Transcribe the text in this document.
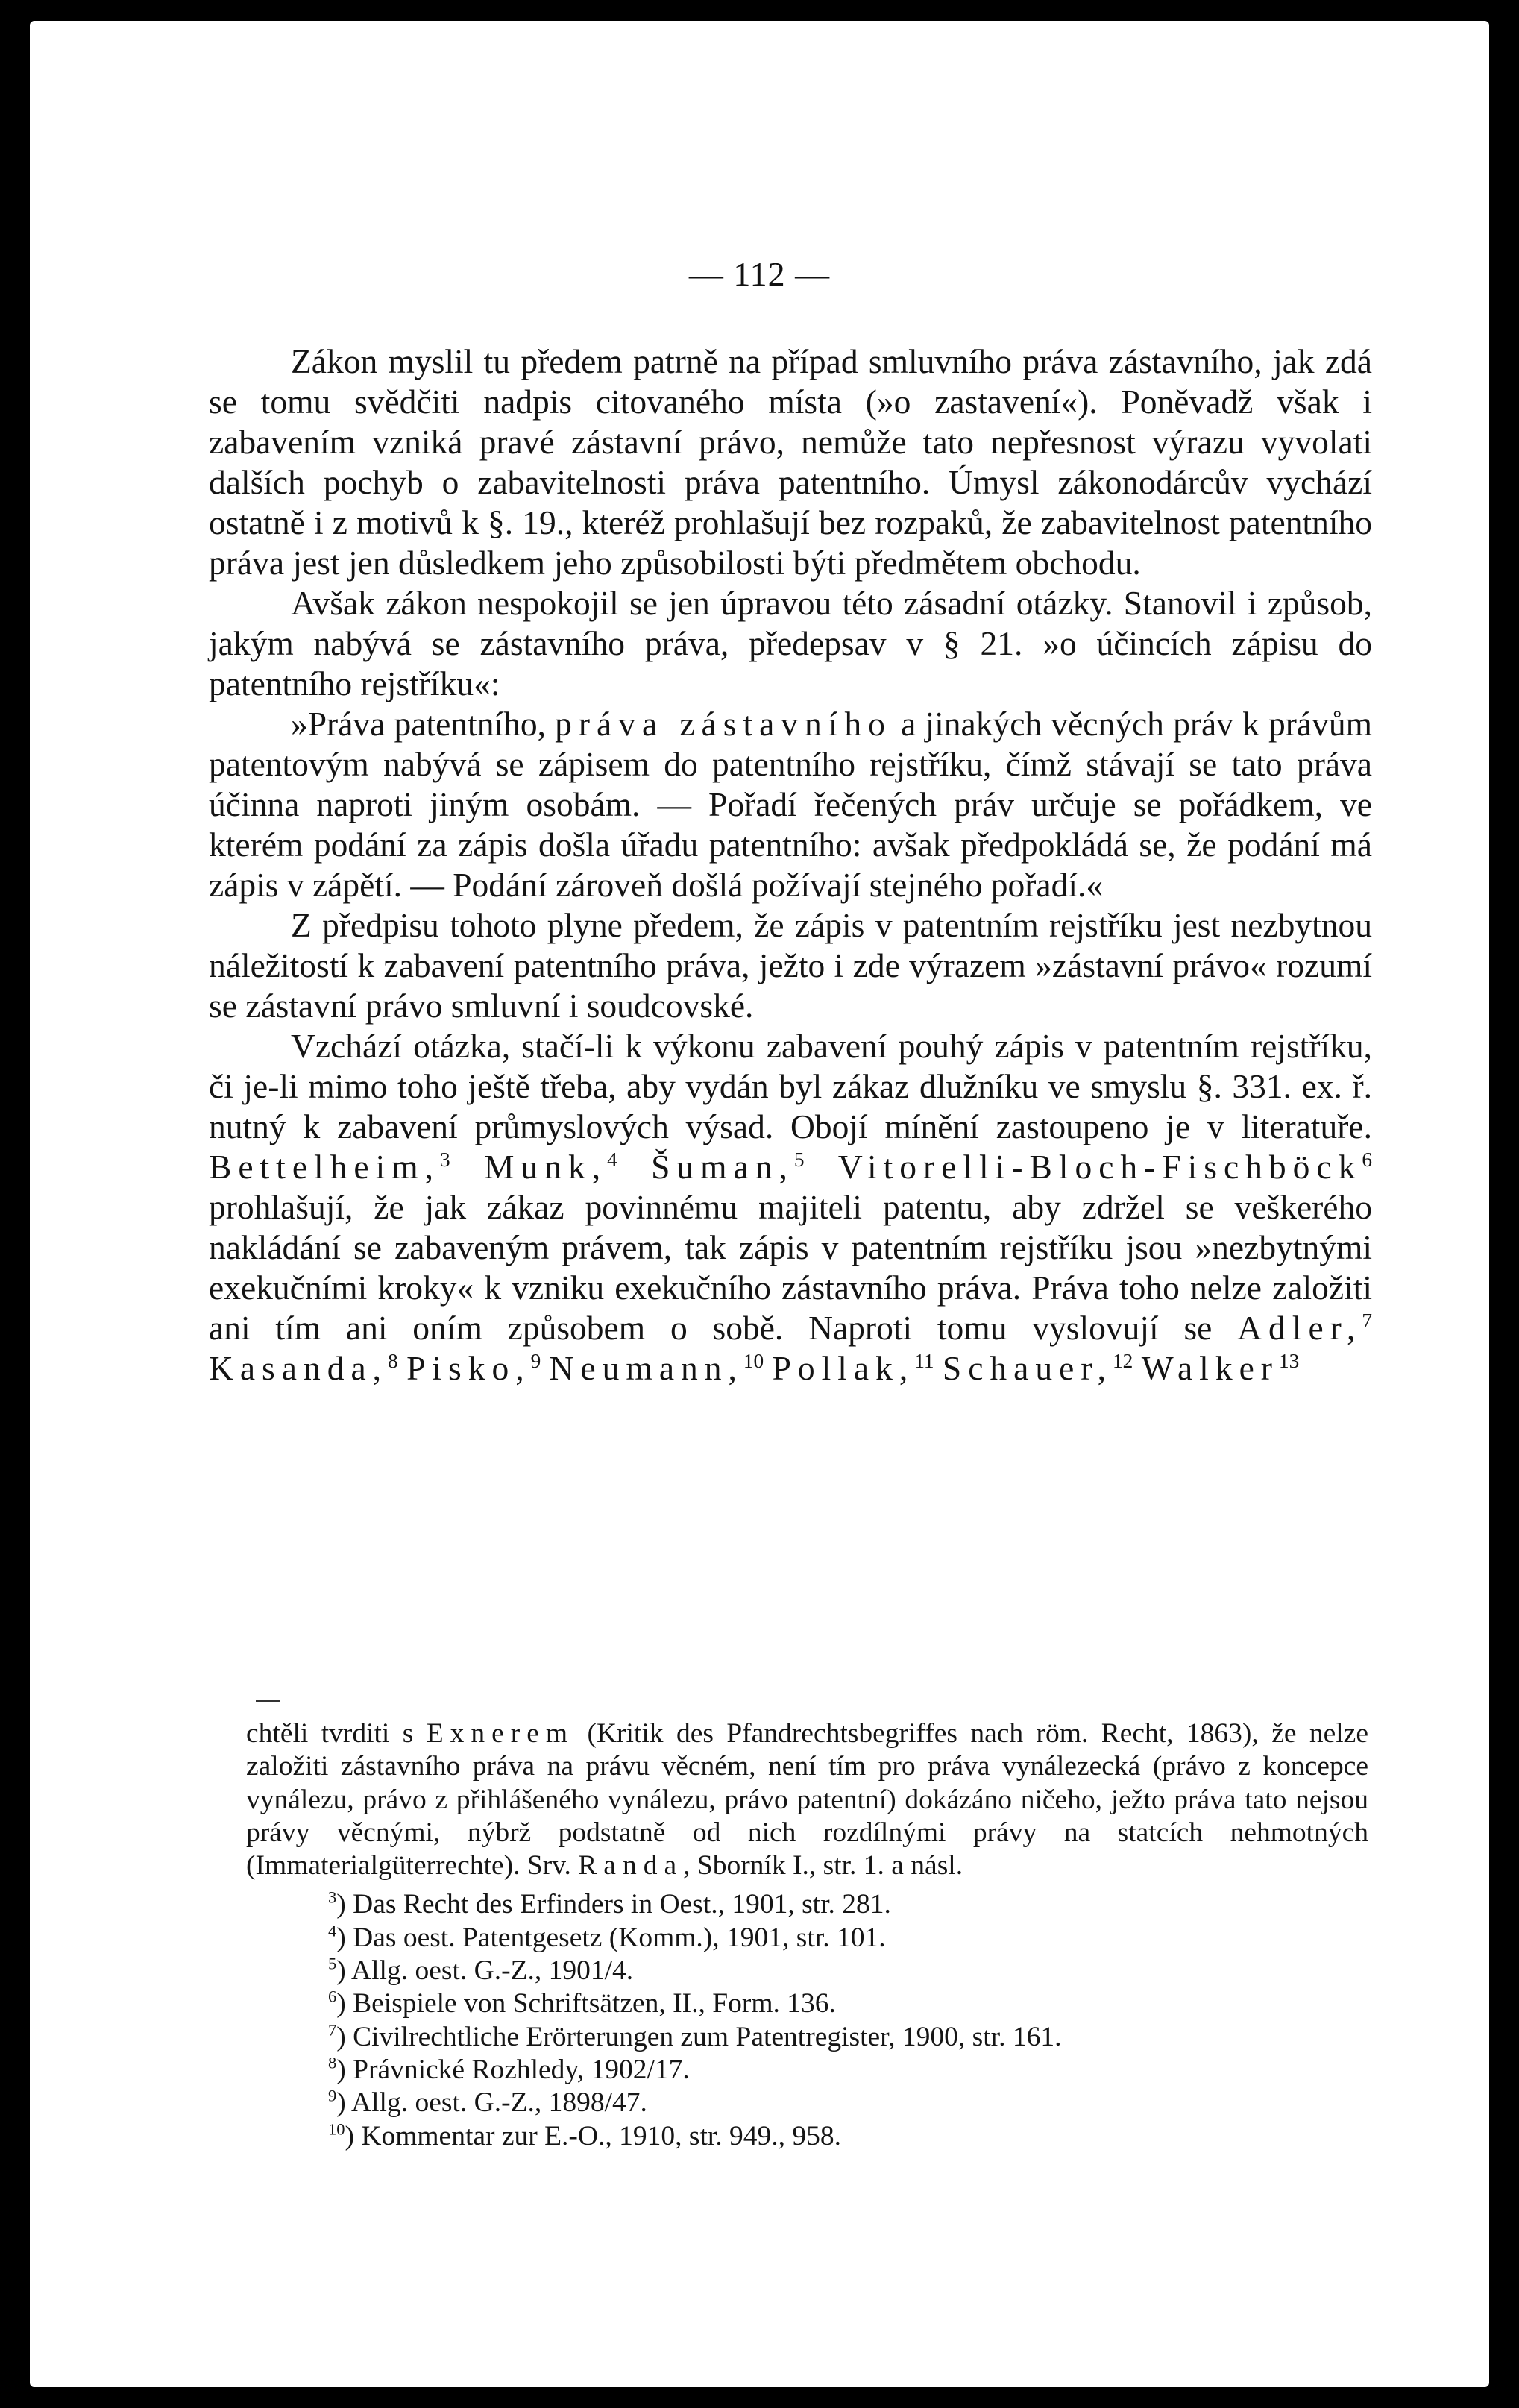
— 112 —

Zákon myslil tu předem patrně na případ smluvního práva zástavního, jak zdá se tomu svědčiti nadpis citovaného místa (»o zastavení«). Poněvadž však i zabavením vzniká pravé zástavní právo, nemůže tato nepřesnost výrazu vyvolati dalších pochyb o zabavitelnosti práva patentního. Úmysl zákonodárcův vychází ostatně i z motivů k §. 19., kteréž prohlašují bez rozpaků, že zabavitelnost patentního práva jest jen důsledkem jeho způsobilosti býti předmětem obchodu.

Avšak zákon nespokojil se jen úpravou této zásadní otázky. Stanovil i způsob, jakým nabývá se zástavního práva, předepsav v § 21. »o účincích zápisu do patentního rejstříku«:

»Práva patentního, práva zástavního a jinakých věcných práv k právům patentovým nabývá se zápisem do patentního rejstříku, čímž stávají se tato práva účinna naproti jiným osobám. — Pořadí řečených práv určuje se pořádkem, ve kterém podání za zápis došla úřadu patentního: avšak předpokládá se, že podání má zápis v zápětí. — Podání zároveň došlá požívají stejného pořadí.«

Z předpisu tohoto plyne předem, že zápis v patentním rejstříku jest nezbytnou náležitostí k zabavení patentního práva, ježto i zde výrazem »zástavní právo« rozumí se zástavní právo smluvní i soudcovské.

Vzchází otázka, stačí-li k výkonu zabavení pouhý zápis v patentním rejstříku, či je-li mimo toho ještě třeba, aby vydán byl zákaz dlužníku ve smyslu §. 331. ex. ř. nutný k zabavení průmyslových výsad. Obojí mínění zastoupeno je v literatuře. Bettelheim,$^3$ Munk,$^4$ Šuman,$^5$ Vitorelli-Bloch-Fischböck$^6$ prohlašují, že jak zákaz povinnému majiteli patentu, aby zdržel se veškerého nakládání se zabaveným právem, tak zápis v patentním rejstříku jsou »nezbytnými exekučními kroky« k vzniku exekučního zástavního práva. Práva toho nelze založiti ani tím ani oním způsobem o sobě. Naproti tomu vyslovují se Adler,$^7$ Kasanda,$^8$ Pisko,$^9$ Neumann,$^{10}$ Pollak,$^{11}$ Schauer,$^{12}$ Walker$^{13}$

chtěli tvrditi s Exnerem (Kritik des Pfandrechtsbegriffes nach röm. Recht, 1863), že nelze založiti zástavního práva na právu věcném, není tím pro práva vynálezecká (právo z koncepce vynálezu, právo z přihlášeného vynálezu, právo patentní) dokázáno ničeho, ježto práva tato nejsou právy věcnými, nýbrž podstatně od nich rozdílnými právy na statcích nehmotných (Immaterialgüterrechte). Srv. Randa, Sborník I., str. 1. a násl.

$^3$) Das Recht des Erfinders in Oest., 1901, str. 281.

$^4$) Das oest. Patentgesetz (Komm.), 1901, str. 101.

$^5$) Allg. oest. G.-Z., 1901/4.

$^6$) Beispiele von Schriftsätzen, II., Form. 136.

$^7$) Civilrechtliche Erörterungen zum Patentregister, 1900, str. 161.

$^8$) Právnické Rozhledy, 1902/17.

$^9$) Allg. oest. G.-Z., 1898/47.

$^{10}$) Kommentar zur E.-O., 1910, str. 949., 958.
